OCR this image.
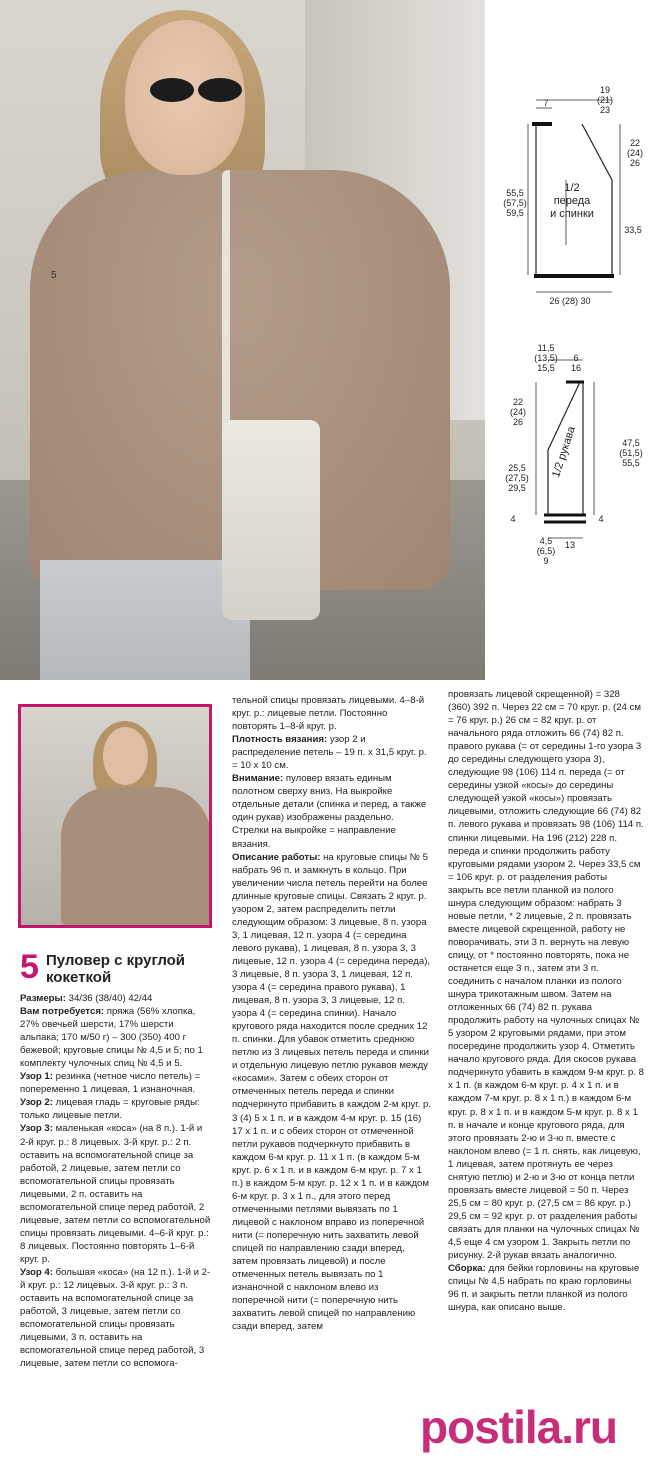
5
19
(21)
23
7
22
(24)
26
55,5
(57,5)
59,5
1/2
переда
и спинки
33,5
26 (28) 30
11,5
(13,5)
15,5
6
16
22
(24)
26
47,5
(51,5)
55,5
25,5
(27,5)
29,5
1/2 рукава
4	4
4,5
(6,5)
9
13
5 Пуловер с круглой кокеткой

Размеры: 34/36 (38/40) 42/44

Вам потребуется: пряжа (56% хлопка, 27% овечьей шерсти, 17% шерсти альпака; 170 м/50 г) – 300 (350) 400 г бежевой; круговые спицы № 4,5 и 5; по 1 комплекту чулочных спиц № 4,5 и 5.

Узор 1: резинка (четное число петель) = попеременно 1 лицевая, 1 изнаночная.

Узор 2: лицевая гладь = круговые ряды: только лицевые петли.

Узор 3: маленькая «коса» (на 8 п.). 1-й и 2-й круг. р.: 8 лицевых. 3-й круг. р.: 2 п. оставить на вспомогательной спице за работой, 2 лицевые, затем петли со вспомогательной спицы провязать лицевыми, 2 п. оставить на вспомогательной спице перед работой, 2 лицевые, затем петли со вспомогательной спицы провязать лицевыми. 4–6-й круг. р.: 8 лицевых. Постоянно повторять 1–6-й круг. р.

Узор 4: большая «коса» (на 12 п.). 1-й и 2-й круг. р.: 12 лицевых. 3-й круг. р.: 3 п. оставить на вспомогательной спице за работой, 3 лицевые, затем петли со вспомогательной спицы провязать лицевыми, 3 п. оставить на вспомогательной спице перед работой, 3 лицевые, затем петли со вспомога-

тельной спицы провязать лицевыми. 4–8-й круг. р.: лицевые петли. Постоянно повторять 1–8-й круг. р.

Плотность вязания: узор 2 и распределение петель – 19 п. х 31,5 круг. р. = 10 х 10 см.

Внимание: пуловер вязать единым полотном сверху вниз. На выкройке отдельные детали (спинка и перед, а также один рукав) изображены раздельно. Стрелки на выкройке = направление вязания.

Описание работы: на круговые спицы № 5 набрать 96 п. и замкнуть в кольцо. При увеличении числа петель перейти на более длинные круговые спицы. Связать 2 круг. р. узором 2, затем распределить петли следующим образом: 3 лицевые, 8 п. узора 3, 1 лицевая, 12 п. узора 4 (= середина левого рукава), 1 лицевая, 8 п. узора 3, 3 лицевые, 12 п. узора 4 (= середина переда), 3 лицевые, 8 п. узора 3, 1 лицевая, 12 п. узора 4 (= середина правого рукава), 1 лицевая, 8 п. узора 3, 3 лицевые, 12 п. узора 4 (= середина спинки). Начало кругового ряда находится после средних 12 п. спинки. Для убавок отметить среднюю петлю из 3 лицевых петель переда и спинки и отдельную лицевую петлю рукавов между «косами». Затем с обеих сторон от отмеченных петель переда и спинки подчеркнуто прибавить в каждом 2-м круг. р. 3 (4) 5 х 1 п. и в каждом 4-м круг. р. 15 (16) 17 х 1 п. и с обеих сторон от отмеченной петли рукавов подчеркнуто прибавить в каждом 6-м круг. р. 11 х 1 п. (в каждом 5-м круг. р. 6 х 1 п. и в каждом 6-м круг. р. 7 х 1 п.) в каждом 5-м круг. р. 12 х 1 п. и в каждом 6-м круг. р. 3 х 1 п., для этого перед отмеченными петлями вывязать по 1 лицевой с наклоном вправо из поперечной нити (= поперечную нить захватить левой спицей по направлению сзади вперед, затем провязать лицевой) и после отмеченных петель вывязать по 1 изнаночной с наклоном влево из поперечной нити (= поперечную нить захватить левой спицей по направлению сзади вперед, затем

провязать лицевой скрещенной) = 328 (360) 392 п. Через 22 см = 70 круг. р. (24 см = 76 круг. р.) 26 см = 82 круг. р. от начального ряда отложить 66 (74) 82 п. правого рукава (= от середины 1-го узора 3 до середины следующего узора 3), следующие 98 (106) 114 п. переда (= от середины узкой «косы» до середины следующей узкой «косы») провязать лицевыми, отложить следующие 66 (74) 82 п. левого рукава и провязать 98 (106) 114 п. спинки лицевыми. На 196 (212) 228 п. переда и спинки продолжить работу круговыми рядами узором 2. Через 33,5 см = 106 круг. р. от разделения работы закрыть все петли планкой из полого шнура следующим образом: набрать 3 новые петли, * 2 лицевые, 2 п. провязать вместе лицевой скрещенной, работу не поворачивать, эти 3 п. вернуть на левую спицу, от * постоянно повторять, пока не останется еще 3 п., затем эти 3 п. соединить с началом планки из полого шнура трикотажным швом. Затем на отложенных 66 (74) 82 п. рукава продолжить работу на чулочных спицах № 5 узором 2 круговыми рядами, при этом посередине продолжить узор 4. Отметить начало кругового ряда. Для скосов рукава подчеркнуто убавить в каждом 9-м круг. р. 8 х 1 п. (в каждом 6-м круг. р. 4 х 1 п. и в каждом 7-м круг. р. 8 х 1 п.) в каждом 6-м круг. р. 8 х 1 п. и в каждом 5-м круг. р. 8 х 1 п. в начале и конце кругового ряда, для этого провязать 2-ю и 3-ю п. вместе с наклоном влево (= 1 п. снять, как лицевую, 1 лицевая, затем протянуть ее через снятую петлю) и 2-ю и 3-ю от конца петли провязать вместе лицевой = 50 п. Через 25,5 см = 80 круг. р. (27,5 см = 86 круг. р.) 29,5 см = 92 круг. р. от разделения работы связать для планки на чулочных спицах № 4,5 еще 4 см узором 1. Закрыть петли по рисунку. 2-й рукав вязать аналогично.

Сборка: для бейки горловины на круговые спицы № 4,5 набрать по краю горловины 96 п. и закрыть петли планкой из полого шнура, как описано выше.

postila.ru
